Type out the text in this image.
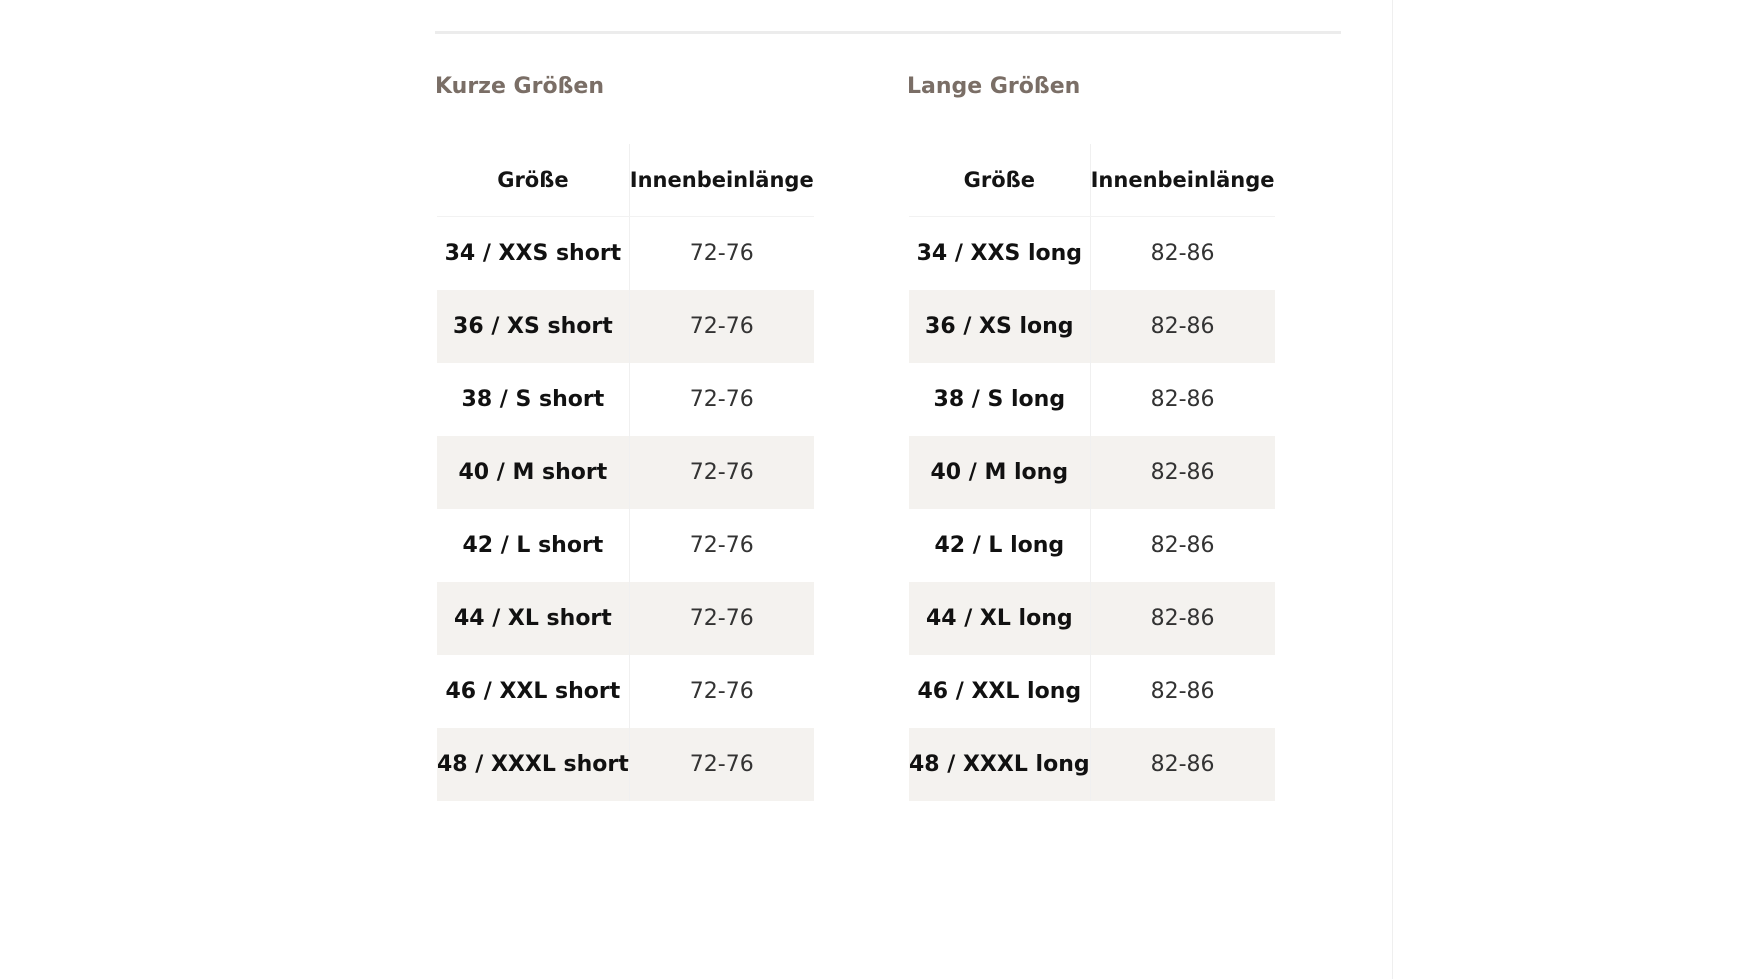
Kurze Größen
Größe	Innenbeinlänge
34 / XXS short	72-76
36 / XS short	72-76
38 / S short	72-76
40 / M short	72-76
42 / L short	72-76
44 / XL short	72-76
46 / XXL short	72-76
48 / XXXL short	72-76
Lange Größen
Größe	Innenbeinlänge
34 / XXS long	82-86
36 / XS long	82-86
38 / S long	82-86
40 / M long	82-86
42 / L long	82-86
44 / XL long	82-86
46 / XXL long	82-86
48 / XXXL long	82-86
